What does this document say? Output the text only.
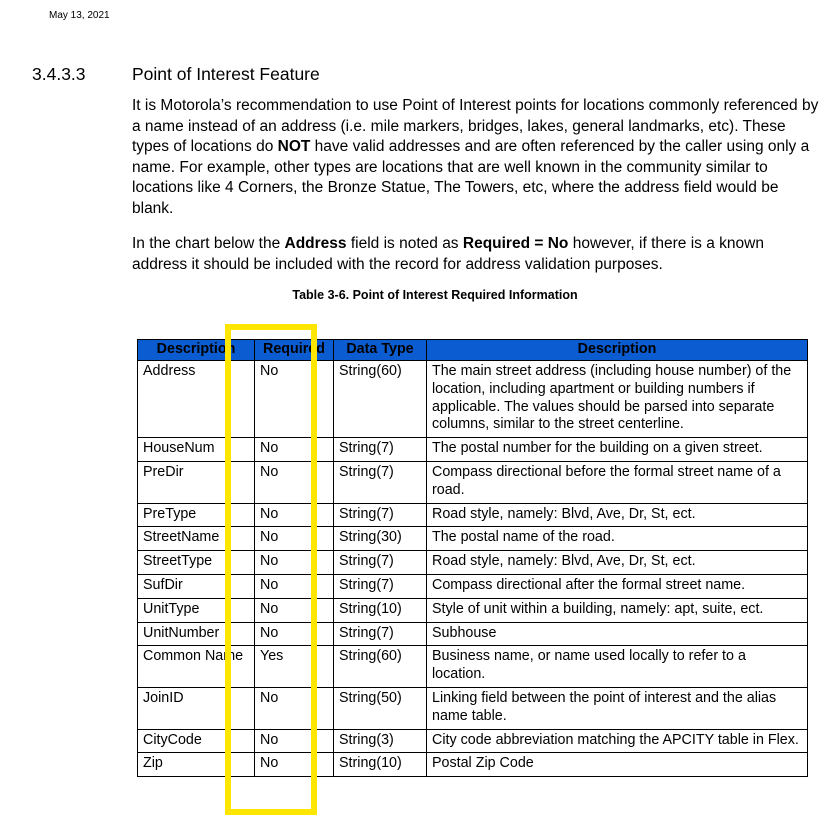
May 13, 2021
3.4.3.3	Point of Interest Feature

It is Motorola’s recommendation to use Point of Interest points for locations commonly referenced by a name instead of an address (i.e. mile markers, bridges, lakes, general landmarks, etc). These types of locations do NOT have valid addresses and are often referenced by the caller using only a name. For example, other types are locations that are well known in the community similar to locations like 4 Corners, the Bronze Statue, The Towers, etc, where the address field would be blank.

In the chart below the Address field is noted as Required = No however, if there is a known address it should be included with the record for address validation purposes.

Table 3-6. Point of Interest Required Information
Description	Required	Data Type	Description
Address	No	String(60)	The main street address (including house number) of the location, including apartment or building numbers if applicable. The values should be parsed into separate columns, similar to the street centerline.
HouseNum	No	String(7)	The postal number for the building on a given street.
PreDir	No	String(7)	Compass directional before the formal street name of a road.
PreType	No	String(7)	Road style, namely: Blvd, Ave, Dr, St, ect.
StreetName	No	String(30)	The postal name of the road.
StreetType	No	String(7)	Road style, namely: Blvd, Ave, Dr, St, ect.
SufDir	No	String(7)	Compass directional after the formal street name.
UnitType	No	String(10)	Style of unit within a building, namely: apt, suite, ect.
UnitNumber	No	String(7)	Subhouse
Common Name	Yes	String(60)	Business name, or name used locally to refer to a location.
JoinID	No	String(50)	Linking field between the point of interest and the alias name table.
CityCode	No	String(3)	City code abbreviation matching the APCITY table in Flex.
Zip	No	String(10)	Postal Zip Code
